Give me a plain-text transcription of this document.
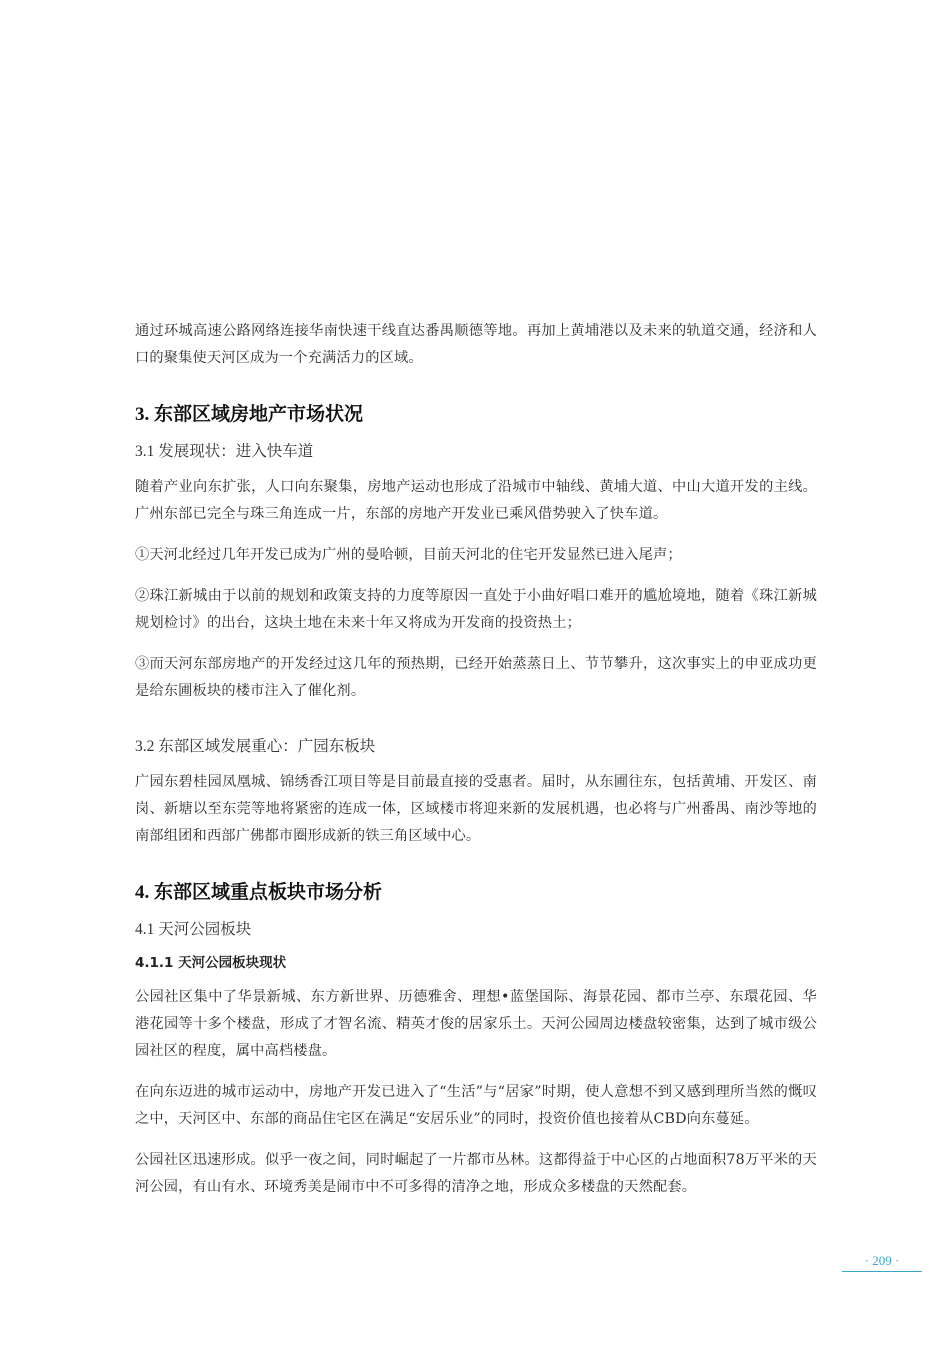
通过环城高速公路网络连接华南快速干线直达番禺顺德等地。再加上黄埔港以及未来的轨道交通，经济和人口的聚集使天河区成为一个充满活力的区域。

3. 东部区域房地产市场状况
3.1 发展现状：进入快车道

随着产业向东扩张，人口向东聚集，房地产运动也形成了沿城市中轴线、黄埔大道、中山大道开发的主线。广州东部已完全与珠三角连成一片，东部的房地产开发业已乘风借势驶入了快车道。

①天河北经过几年开发已成为广州的曼哈顿，目前天河北的住宅开发显然已进入尾声；

②珠江新城由于以前的规划和政策支持的力度等原因一直处于小曲好唱口难开的尴尬境地，随着《珠江新城规划检讨》的出台，这块土地在未来十年又将成为开发商的投资热土；

③而天河东部房地产的开发经过这几年的预热期，已经开始蒸蒸日上、节节攀升，这次事实上的申亚成功更是给东圃板块的楼市注入了催化剂。

3.2 东部区域发展重心：广园东板块

广园东碧桂园凤凰城、锦绣香江项目等是目前最直接的受惠者。届时，从东圃往东，包括黄埔、开发区、南岗、新塘以至东莞等地将紧密的连成一体，区域楼市将迎来新的发展机遇，也必将与广州番禺、南沙等地的南部组团和西部广佛都市圈形成新的铁三角区域中心。

4. 东部区域重点板块市场分析
4.1 天河公园板块
4.1.1 天河公园板块现状

公园社区集中了华景新城、东方新世界、历德雅舍、理想•蓝堡国际、海景花园、都市兰亭、东環花园、华港花园等十多个楼盘，形成了才智名流、精英才俊的居家乐土。天河公园周边楼盘较密集，达到了城市级公园社区的程度，属中高档楼盘。

在向东迈进的城市运动中，房地产开发已进入了“生活”与“居家”时期，使人意想不到又感到理所当然的慨叹之中，天河区中、东部的商品住宅区在满足“安居乐业”的同时，投资价值也接着从CBD向东蔓延。

公园社区迅速形成。似乎一夜之间，同时崛起了一片都市丛林。这都得益于中心区的占地面积78万平米的天河公园，有山有水、环境秀美是闹市中不可多得的清净之地，形成众多楼盘的天然配套。

· 209 ·
